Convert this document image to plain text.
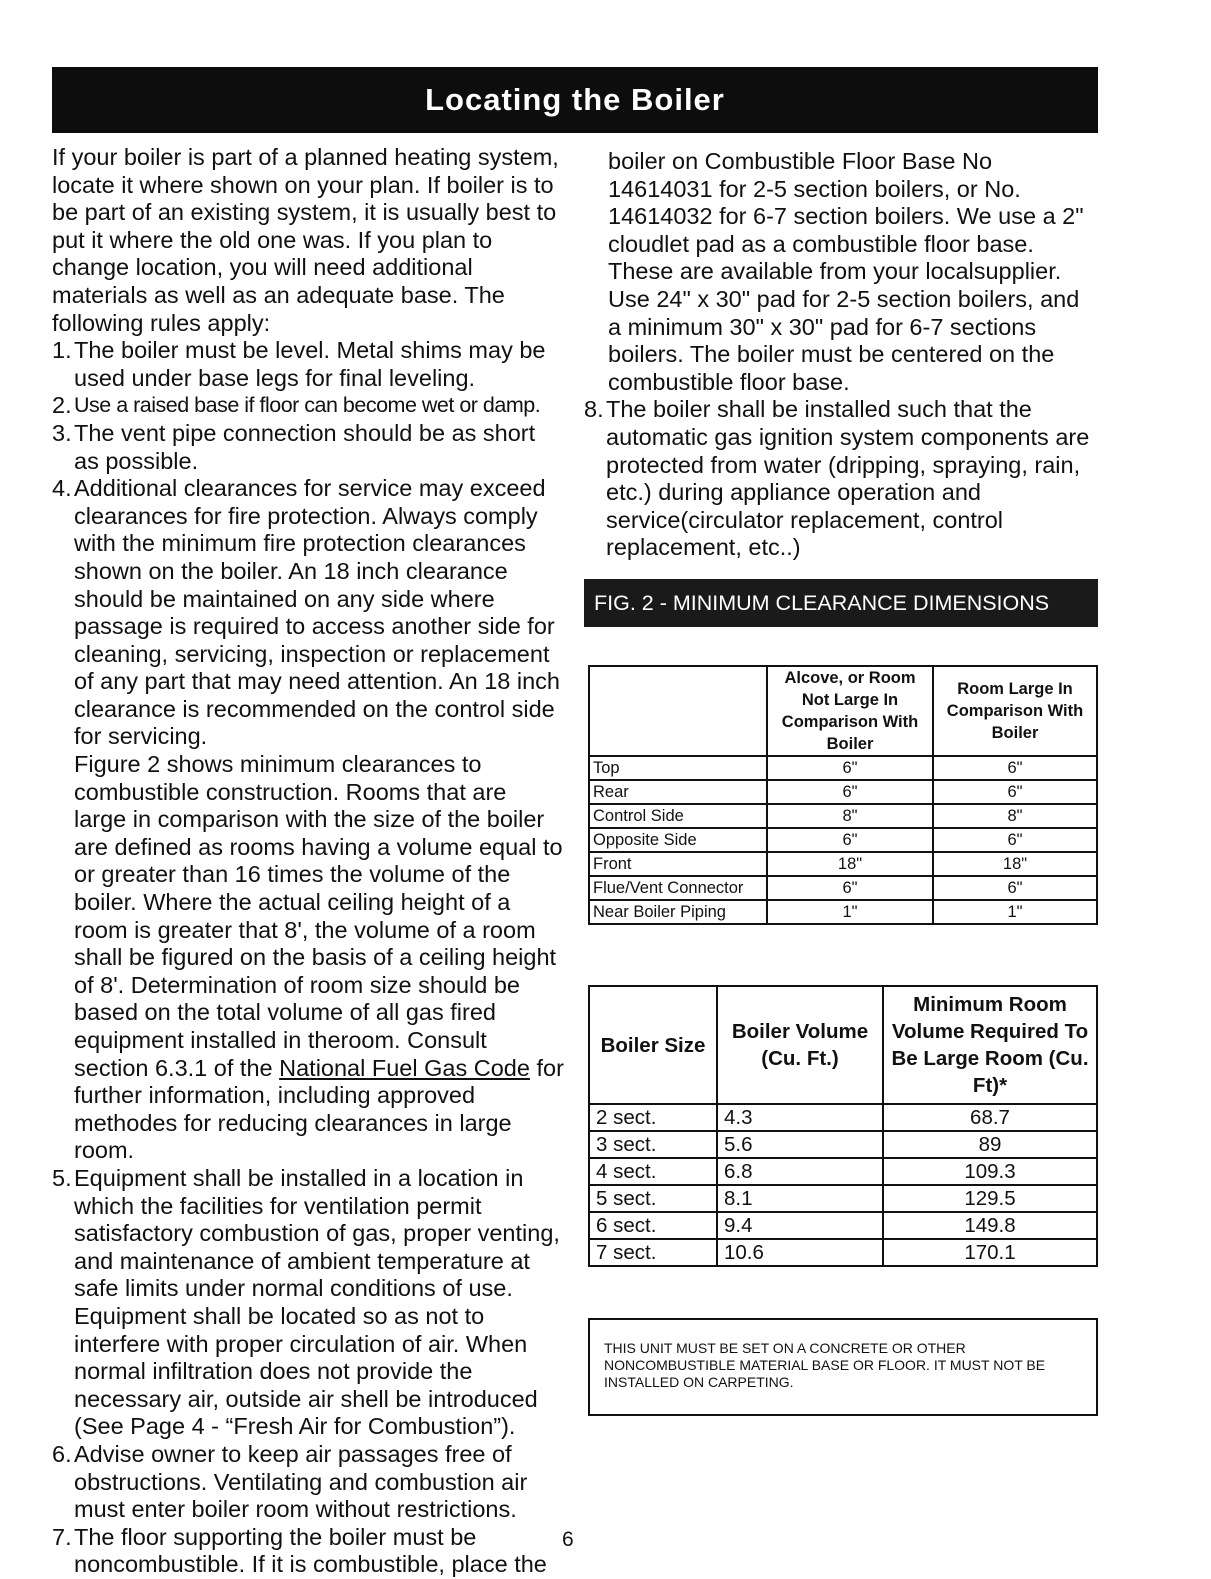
Locating the Boiler

If your boiler is part of a planned heating system, locate it where shown on your plan. If boiler is to be part of an existing system, it is usually best to put it where the old one was. If you plan to change location, you will need additional materials as well as an adequate base. The following rules apply:

1. The boiler must be level. Metal shims may be used under base legs for final leveling.
2. Use a raised base if floor can become wet or damp.
3. The vent pipe connection should be as short as possible.
4. Additional clearances for service may exceed clearances for fire protection. Always comply with the minimum fire protection clearances shown on the boiler. An 18 inch clearance should be maintained on any side where passage is required to access another side for cleaning, servicing, inspection or replacement of any part that may need attention. An 18 inch clearance is recommended on the control side for servicing.

Figure 2 shows minimum clearances to combustible construction. Rooms that are large in comparison with the size of the boiler are defined as rooms having a volume equal to or greater than 16 times the volume of the boiler. Where the actual ceiling height of a room is greater that 8', the volume of a room shall be figured on the basis of a ceiling height of 8'. Determination of room size should be based on the total volume of all gas fired equipment installed in theroom. Consult section 6.3.1 of the National Fuel Gas Code for further information, including approved methodes for reducing clearances in large room.

5. Equipment shall be installed in a location in which the facilities for ventilation permit satisfactory combustion of gas, proper venting, and maintenance of ambient temperature at safe limits under normal conditions of use. Equipment shall be located so as not to interfere with proper circulation of air. When normal infiltration does not provide the necessary air, outside air shell be introduced (See Page 4 - “Fresh Air for Combustion”).
6. Advise owner to keep air passages free of obstructions. Ventilating and combustion air must enter boiler room without restrictions.
7. The floor supporting the boiler must be noncombustible. If it is combustible, place the

boiler on Combustible Floor Base No 14614031 for 2-5 section boilers, or No. 14614032 for 6-7 section boilers. We use a 2" cloudlet pad as a combustible floor base. These are available from your localsupplier. Use 24" x 30" pad for 2-5 section boilers, and a minimum 30" x 30" pad for 6-7 sections boilers. The boiler must be centered on the combustible floor base.

8. The boiler shall be installed such that the automatic gas ignition system components are protected from water (dripping, spraying, rain, etc.) during appliance operation and service(circulator replacement, control replacement, etc..)
FIG. 2 - MINIMUM CLEARANCE DIMENSIONS
	Alcove, or Room Not Large In Comparison With Boiler	Room Large In Comparison With Boiler
Top	6"	6"
Rear	6"	6"
Control Side	8"	8"
Opposite Side	6"	6"
Front	18"	18"
Flue/Vent Connector	6"	6"
Near Boiler Piping	1"	1"
Boiler Size	Boiler Volume (Cu. Ft.)	Minimum Room Volume Required To Be Large Room (Cu. Ft)*
2 sect.	4.3	68.7
3 sect.	5.6	89
4 sect.	6.8	109.3
5 sect.	8.1	129.5
6 sect.	9.4	149.8
7 sect.	10.6	170.1
THIS UNIT MUST BE SET ON A CONCRETE OR OTHER NONCOMBUSTIBLE MATERIAL BASE OR FLOOR. IT MUST NOT BE INSTALLED ON CARPETING.
6
